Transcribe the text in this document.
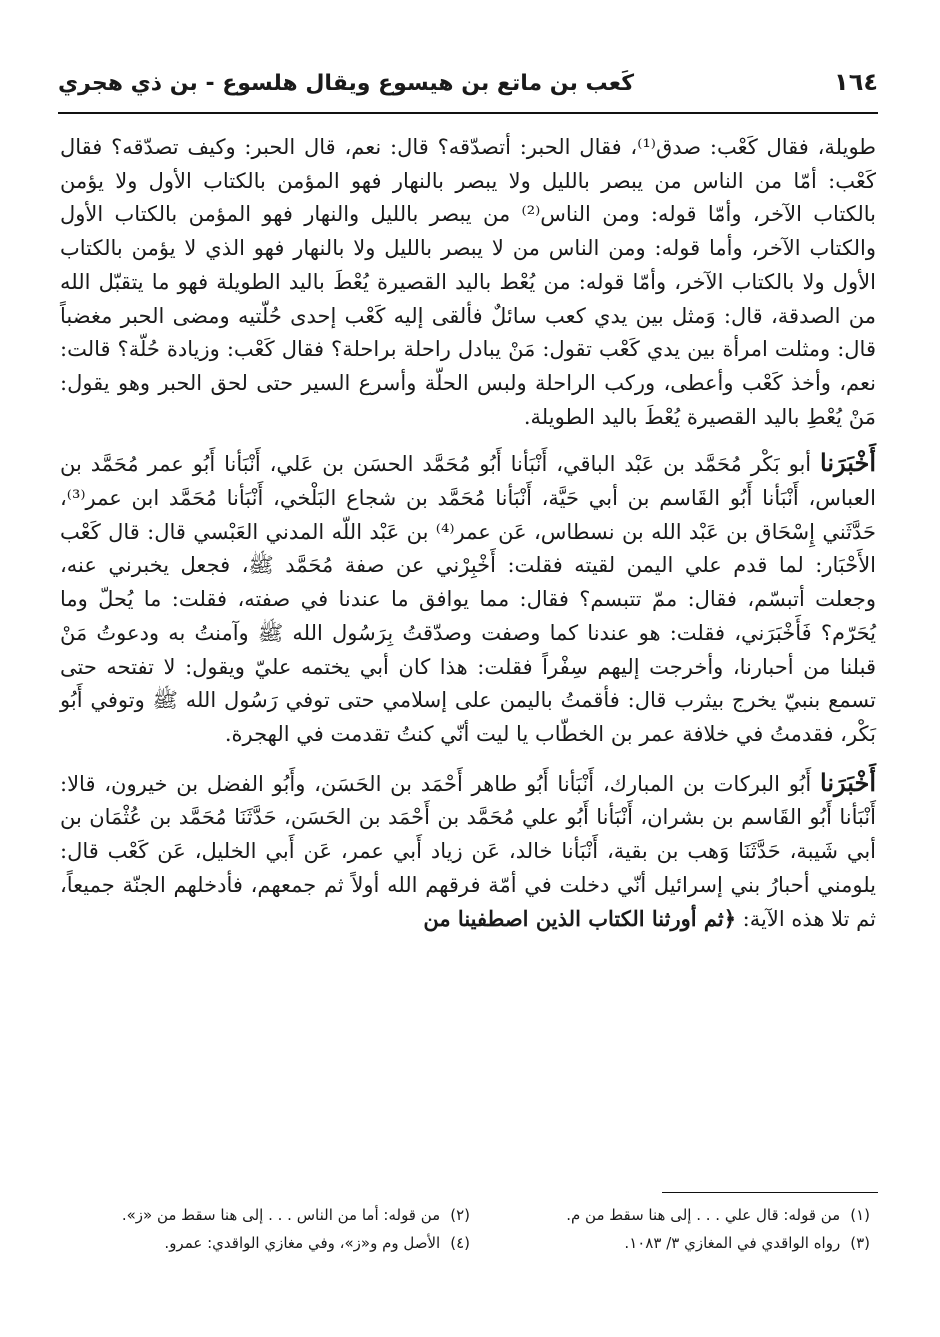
١٦٤
كَعب بن ماتع بن هيسوع ويقال هلسوع - بن ذي هجري

طويلة، فقال كَعْب: صدق⁽¹⁾، فقال الحبر: أتصدّقه؟ قال: نعم، قال الحبر: وكيف تصدّقه؟ فقال كَعْب: أمّا من الناس من يبصر بالليل ولا يبصر بالنهار فهو المؤمن بالكتاب الأول ولا يؤمن بالكتاب الآخر، وأمّا قوله: ومن الناس⁽²⁾ من يبصر بالليل والنهار فهو المؤمن بالكتاب الأول والكتاب الآخر، وأما قوله: ومن الناس من لا يبصر بالليل ولا بالنهار فهو الذي لا يؤمن بالكتاب الأول ولا بالكتاب الآخر، وأمّا قوله: من يُعْط باليد القصيرة يُعْطَ باليد الطويلة فهو ما يتقبّل الله من الصدقة، قال: وَمثل بين يدي كعب سائلٌ فألقى إليه كَعْب إحدى حُلّتيه ومضى الحبر مغضباً قال: ومثلت امرأة بين يدي كَعْب تقول: مَنْ يبادل راحلة براحلة؟ فقال كَعْب: وزيادة حُلّة؟ قالت: نعم، وأخذ كَعْب وأعطى، وركب الراحلة ولبس الحلّة وأسرع السير حتى لحق الحبر وهو يقول: مَنْ يُعْطِ باليد القصيرة يُعْطَ باليد الطويلة.

أَخْبَرَنا أبو بَكْر مُحَمَّد بن عَبْد الباقي، أَنْبَأنا أَبُو مُحَمَّد الحسَن بن عَلي، أَنْبَأنا أَبُو عمر مُحَمَّد بن العباس، أَنْبَأنا أَبُو القَاسم بن أبي حَيَّة، أَنْبَأنا مُحَمَّد بن شجاع البَلْخي، أَنْبَأنا مُحَمَّد ابن عمر⁽³⁾، حَدَّثَني إِسْحَاق بن عَبْد الله بن نسطاس، عَن عمر⁽⁴⁾ بن عَبْد اللّه المدني العَبْسي قال: قال كَعْب الأَحْبَار: لما قدم علي اليمن لقيته فقلت: أَخْبِرْني عن صفة مُحَمَّد ﷺ، فجعل يخبرني عنه، وجعلت أتبسّم، فقال: ممّ تتبسم؟ فقال: مما يوافق ما عندنا في صفته، فقلت: ما يُحلّ وما يُحَرّم؟ فَأَخْبَرَني، فقلت: هو عندنا كما وصفت وصدّقتُ بِرَسُول الله ﷺ وآمنتُ به ودعوتُ مَنْ قبلنا من أحبارنا، وأخرجت إليهم سِفْراً فقلت: هذا كان أبي يختمه عليّ ويقول: لا تفتحه حتى تسمع بنبيّ يخرج بيثرب قال: فأقمتُ باليمن على إسلامي حتى توفي رَسُول الله ﷺ وتوفي أَبُو بَكْر، فقدمتُ في خلافة عمر بن الخطّاب يا ليت أنّي كنتُ تقدمت في الهجرة.

أَخْبَرَنا أَبُو البركات بن المبارك، أَنْبَأنا أَبُو طاهر أَحْمَد بن الحَسَن، وأَبُو الفضل بن خيرون، قالا: أَنْبَأنا أَبُو القَاسم بن بشران، أَنْبَأنا أَبُو علي مُحَمَّد بن أَحْمَد بن الحَسَن، حَدَّثَنَا مُحَمَّد بن عُثْمَان بن أبي شَيبة، حَدَّثَنَا وَهب بن بقية، أَنْبَأنا خالد، عَن زياد أَبي عمر، عَن أَبي الخليل، عَن كَعْب قال: يلومني أحبارُ بني إسرائيل أنّي دخلت في أمّة فرقهم الله أولاً ثم جمعهم، فأدخلهم الجنّة جميعاً، ثم تلا هذه الآية: ﴿ثم أورثنا الكتاب الذين اصطفينا من

(١)من قوله: قال علي . . . إلى هنا سقط من م.
(٢)من قوله: أما من الناس . . . إلى هنا سقط من «ز».
(٣)رواه الواقدي في المغازي ٣/ ١٠٨٣.
(٤)الأصل وم و«ز»، وفي مغازي الواقدي: عمرو.
